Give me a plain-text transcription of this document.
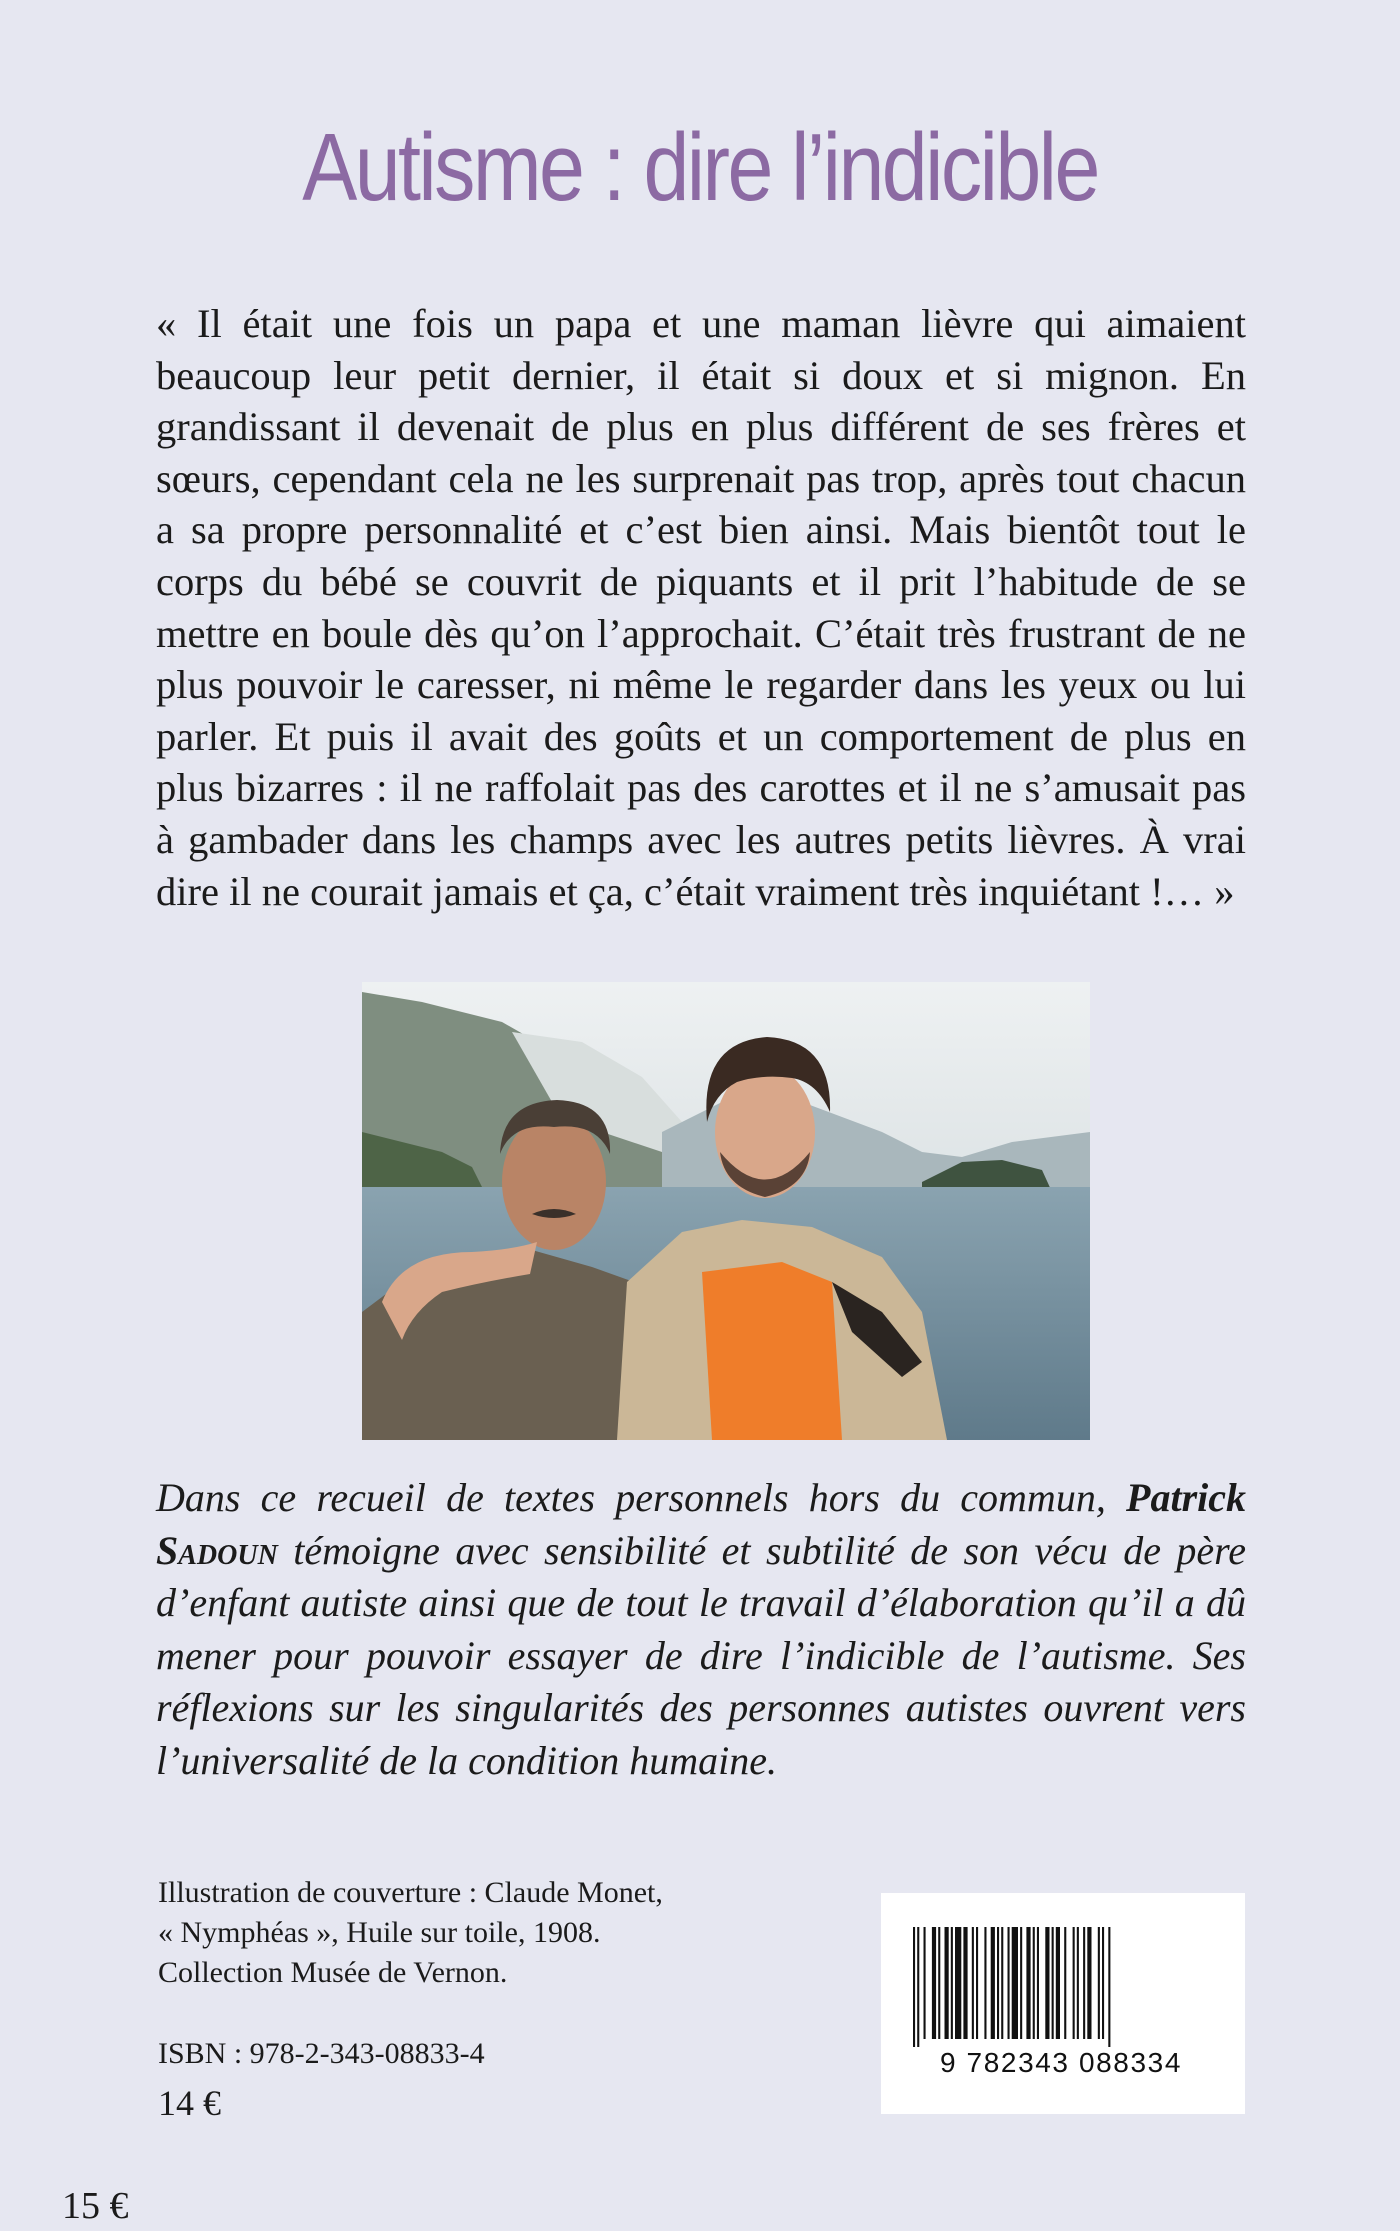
Autisme : dire l’indicible
« Il était une fois un papa et une maman lièvre qui aimaient beaucoup leur petit dernier, il était si doux et si mignon. En grandissant il devenait de plus en plus différent de ses frères et sœurs, cependant cela ne les surprenait pas trop, après tout chacun a sa propre personnalité et c’est bien ainsi. Mais bientôt tout le corps du bébé se couvrit de piquants et il prit l’habitude de se mettre en boule dès qu’on l’approchait. C’était très frustrant de ne plus pouvoir le caresser, ni même le regarder dans les yeux ou lui parler. Et puis il avait des goûts et un comportement de plus en plus bizarres : il ne raffolait pas des carottes et il ne s’amusait pas à gambader dans les champs avec les autres petits lièvres. À vrai dire il ne courait jamais et ça, c’était vraiment très inquiétant !… »
Dans ce recueil de textes personnels hors du commun, Patrick Sadoun témoigne avec sensibilité et subtilité de son vécu de père d’enfant autiste ainsi que de tout le travail d’élaboration qu’il a dû mener pour pouvoir essayer de dire l’indicible de l’autisme. Ses réflexions sur les singularités des personnes autistes ouvrent vers l’universalité de la condition humaine.
Illustration de couverture : Claude Monet,
« Nymphéas », Huile sur toile, 1908.
Collection Musée de Vernon.
ISBN : 978-2-343-08833-4
14 €
15 €
9 782343 088334
